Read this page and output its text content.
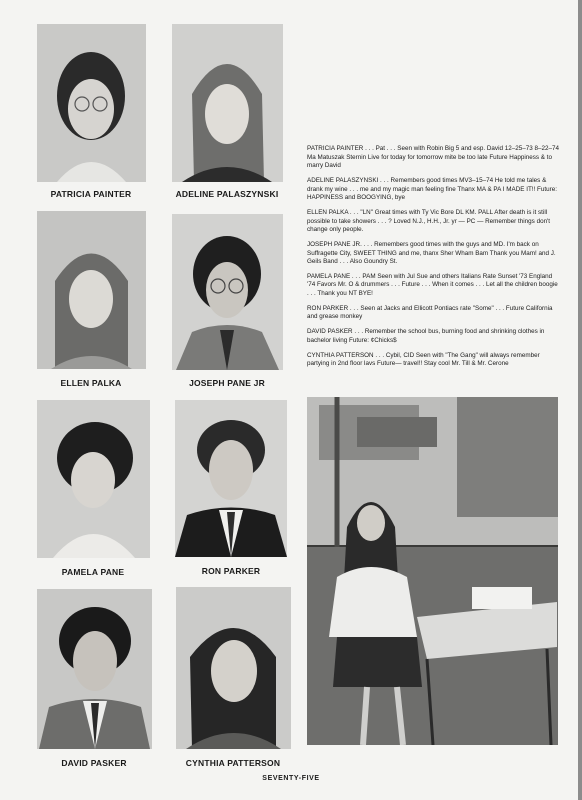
PATRICIA PAINTER	ADELINE PALASZYNSKI
ELLEN PALKA	JOSEPH PANE JR
PAMELA PANE	RON PARKER
DAVID PASKER	CYNTHIA PATTERSON

PATRICIA PAINTER . . . Pat . . . Seen with Robin Big 5 and esp. David 12–25–73 8–22–74 Ma Matuszak Sternin Live for today for tomorrow mite be too late Future Happiness & to marry David

ADELINE PALASZYNSKI . . . Remembers good times MV3–15–74 He told me tales & drank my wine . . . me and my magic man feeling fine Thanx MA & PA I MADE IT!! Future: HAPPINESS and BOOGYING, bye

ELLEN PALKA . . . "LN" Great times with Ty Vic Bore DL KM. PALL After death is it still possible to take showers . . . ? Loved N.J., H.H., Jr. yr — PC — Remember things don't change only people.

JOSEPH PANE JR. . . . Remembers good times with the guys and MD. I'm back on Suffragette City, SWEET THING and me, thanx Sher Wham Bam Thank you Mam! and J. Geils Band . . . Also Goundry St.

PAMELA PANE . . . PAM Seen with Jul Sue and others Italians Rate Sunset '73 England '74 Favors Mr. O & drummers . . . Future . . . When it comes . . . Let all the children boogie . . . Thank you NT BYE!

RON PARKER . . . Seen at Jacks and Ellicott Pontiacs rate "Some" . . . Future California and grease monkey

DAVID PASKER . . . Remember the school bus, burning food and shrinking clothes in bachelor living Future: ¢Chicks$

CYNTHIA PATTERSON . . . Cybil, CID Seen with "The Gang" will always remember partying in 2nd floor lavs Future— travel!! Stay cool Mr. Till & Mr. Cerone

SEVENTY-FIVE
